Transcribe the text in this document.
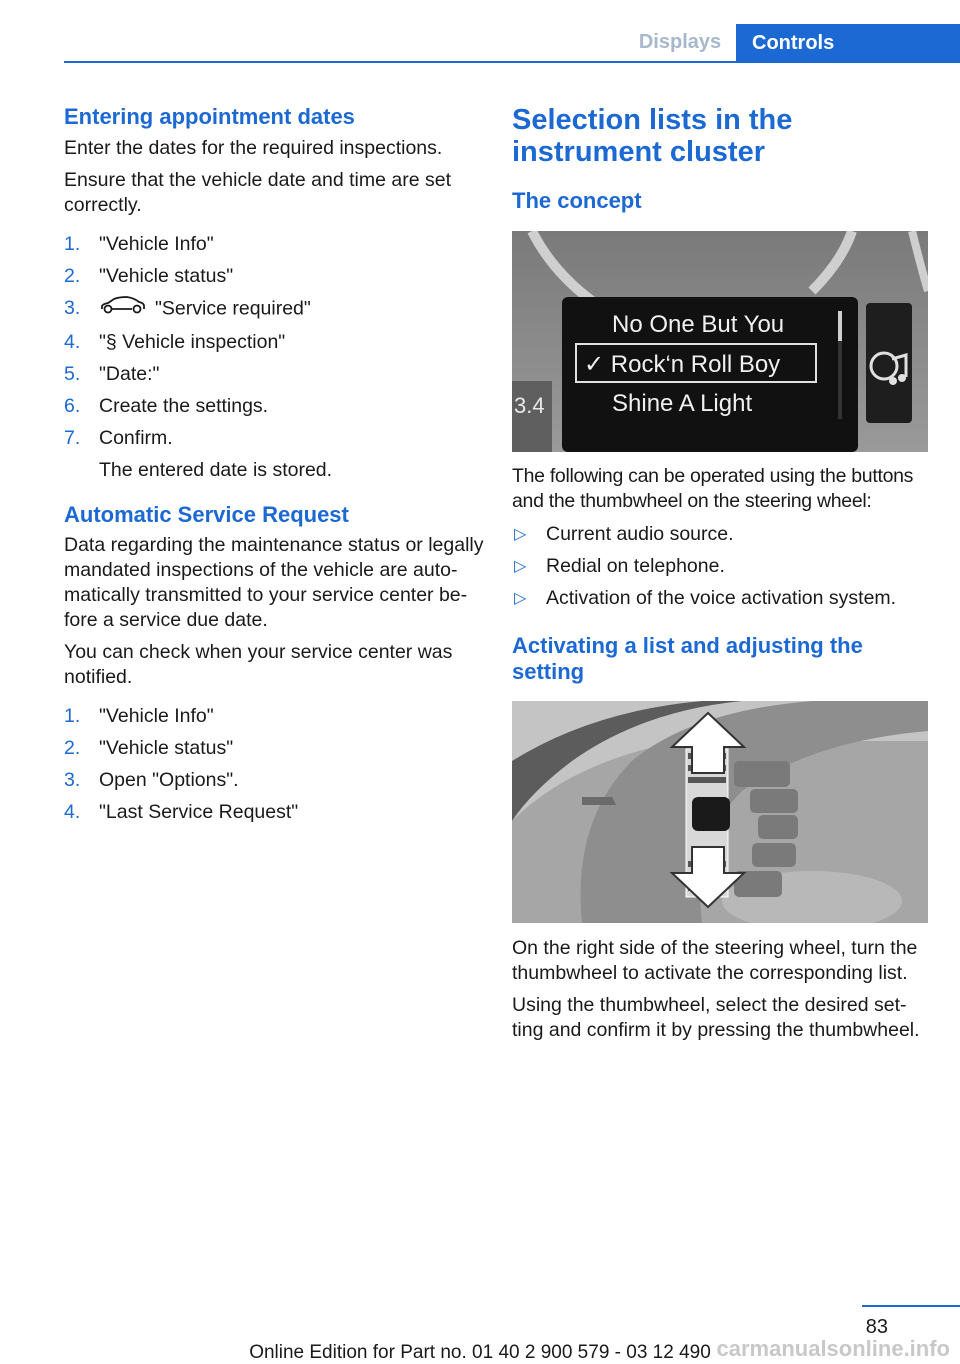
Displays	Controls
Entering appointment dates

Enter the dates for the required inspections.

Ensure that the vehicle date and time are set correctly.

1. "Vehicle Info"
2. "Vehicle status"
3.	"Service required"
4. "§ Vehicle inspection"
5. "Date:"
6. Create the settings.
7. Confirm.
The entered date is stored.
Automatic Service Request

Data regarding the maintenance status or legally mandated inspections of the vehicle are auto-matically transmitted to your service center be-fore a service due date.

You can check when your service center was notified.

1. "Vehicle Info"
2. "Vehicle status"
3. Open "Options".
4. "Last Service Request"
Selection lists in the instrument cluster
The concept
No One But You
✓ Rock‘n Roll Boy
Shine A Light
3.4

The following can be operated using the buttons and the thumbwheel on the steering wheel:

▷ Current audio source.
▷ Redial on telephone.
▷ Activation of the voice activation system.
Activating a list and adjusting the setting

On the right side of the steering wheel, turn the thumbwheel to activate the corresponding list.

Using the thumbwheel, select the desired set-ting and confirm it by pressing the thumbwheel.

83
Online Edition for Part no. 01 40 2 900 579 - 03 12 490 carmanualsonline.info
